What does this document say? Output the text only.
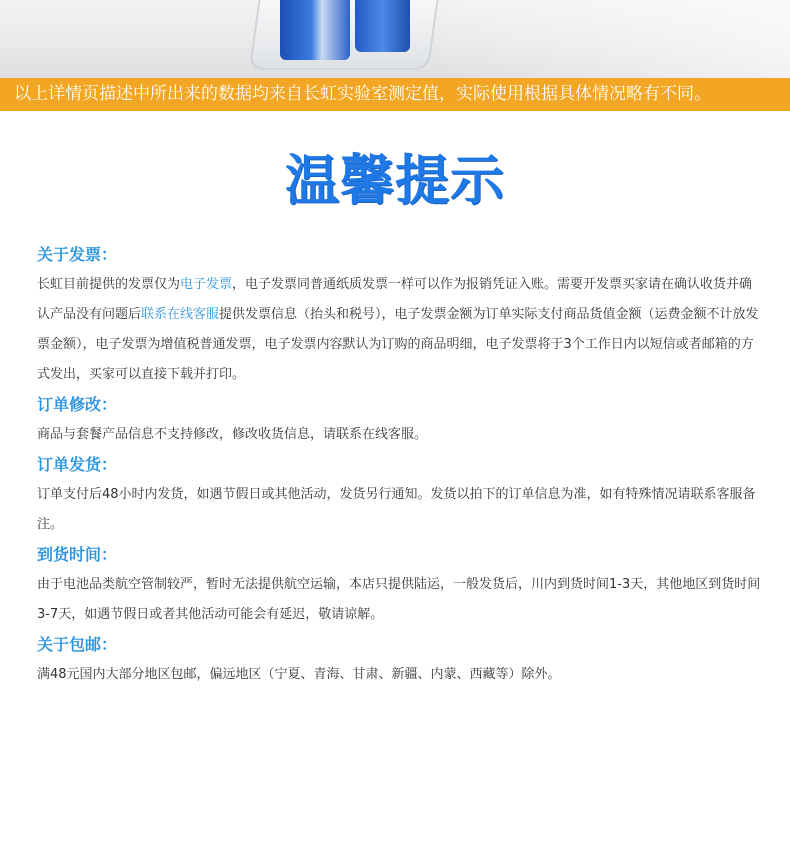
以上详情页描述中所出来的数据均来自长虹实验室测定值，实际使用根据具体情况略有不同。
温馨提示
关于发票：
长虹目前提供的发票仅为电子发票，电子发票同普通纸质发票一样可以作为报销凭证入账。需要开发票买家请在确认收货并确认产品没有问题后联系在线客服提供发票信息（抬头和税号），电子发票金额为订单实际支付商品货值金额（运费金额不计放发票金额），电子发票为增值税普通发票，电子发票内容默认为订购的商品明细，电子发票将于3个工作日内以短信或者邮箱的方式发出，买家可以直接下载并打印。
订单修改：
商品与套餐产品信息不支持修改，修改收货信息，请联系在线客服。
订单发货：
订单支付后48小时内发货，如遇节假日或其他活动，发货另行通知。发货以拍下的订单信息为准，如有特殊情况请联系客服备注。
到货时间：
由于电池品类航空管制较严，暂时无法提供航空运输，本店只提供陆运，一般发货后，川内到货时间1-3天，其他地区到货时间3-7天，如遇节假日或者其他活动可能会有延迟，敬请谅解。
关于包邮：
满48元国内大部分地区包邮，偏远地区（宁夏、青海、甘肃、新疆、内蒙、西藏等）除外。
